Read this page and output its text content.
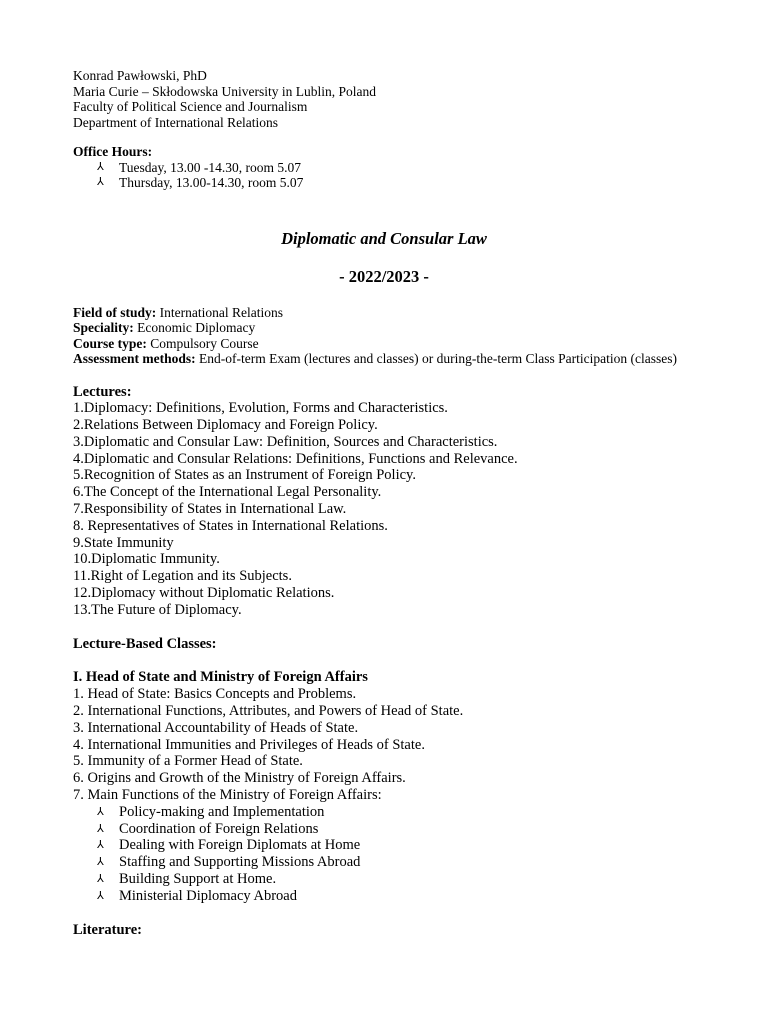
Konrad Pawłowski, PhD
Maria Curie – Skłodowska University in Lublin, Poland
Faculty of Political Science and Journalism
Department of International Relations
Office Hours:
⅄ Tuesday, 13.00 -14.30, room 5.07
⅄ Thursday, 13.00-14.30, room 5.07
Diplomatic and Consular Law
- 2022/2023 -
Field of study: International Relations
Speciality: Economic Diplomacy
Course type: Compulsory Course
Assessment methods: End-of-term Exam (lectures and classes) or during-the-term Class Participation (classes)
Lectures:
1.Diplomacy: Definitions, Evolution, Forms and Characteristics.
2.Relations Between Diplomacy and Foreign Policy.
3.Diplomatic and Consular Law: Definition, Sources and Characteristics.
4.Diplomatic and Consular Relations: Definitions, Functions and Relevance.
5.Recognition of States as an Instrument of Foreign Policy.
6.The Concept of the International Legal Personality.
7.Responsibility of States in International Law.
8. Representatives of States in International Relations.
9.State Immunity
10.Diplomatic Immunity.
11.Right of Legation and its Subjects.
12.Diplomacy without Diplomatic Relations.
13.The Future of Diplomacy.
Lecture-Based Classes:
I. Head of State and Ministry of Foreign Affairs
1. Head of State: Basics Concepts and Problems.
2. International Functions, Attributes, and Powers of Head of State.
3. International Accountability of Heads of State.
4. International Immunities and Privileges of Heads of State.
5. Immunity of a Former Head of State.
6. Origins and Growth of the Ministry of Foreign Affairs.
7. Main Functions of the Ministry of Foreign Affairs:
⅄ Policy-making and Implementation
⅄ Coordination of Foreign Relations
⅄ Dealing with Foreign Diplomats at Home
⅄ Staffing and Supporting Missions Abroad
⅄ Building Support at Home.
⅄ Ministerial Diplomacy Abroad
Literature:
